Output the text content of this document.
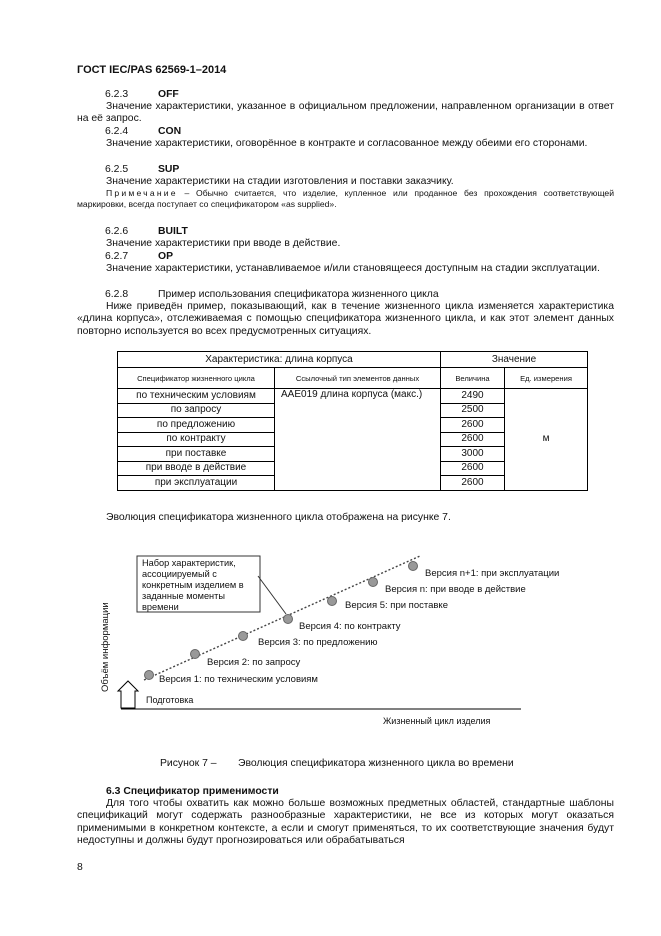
ГОСТ IEC/PAS 62569-1–2014
6.2.3	OFF
Значение характеристики, указанное в официальном предложении, направленном организации в ответ на её запрос.
6.2.4	CON
Значение характеристики, оговорённое в контракте и согласованное между обеими его сторонами.
6.2.5	SUP
Значение характеристики на стадии изготовления и поставки заказчику.
Примечание – Обычно считается, что изделие, купленное или проданное без прохождения соответствующей маркировки, всегда поступает со спецификатором «as supplied».
6.2.6	BUILT
Значение характеристики при вводе в действие.
6.2.7	OP
Значение характеристики, устанавливаемое и/или становящееся доступным на стадии эксплуатации.
6.2.8	Пример использования спецификатора жизненного цикла
Ниже приведён пример, показывающий, как в течение жизненного цикла изменяется характеристика «длина корпуса», отслеживаемая с помощью спецификатора жизненного цикла, и как этот элемент данных повторно используется во всех предусмотренных ситуациях.
Характеристика: длина корпуса		Значение	
Спецификатор жизненного цикла	Ссылочный тип элементов данных	Величина	Ед. измерения
по техническим условиям	AAE019 длина корпуса (макс.)	2490	м
по запросу		2500	
по предложению		2600	
по контракту		2600	
при поставке		3000	
при вводе в действие		2600	
при эксплуатации		2600	
Эволюция спецификатора жизненного цикла отображена на рисунке 7.
Объём информации
Подготовка
Жизненный цикл изделия
Версия 1: по техническим условиям
Версия 2: по запросу
Версия 3: по предложению
Версия 4: по контракту
Версия 5: при поставке
Версия n: при вводе в действие
Версия n+1: при эксплуатации
Набор характеристик,
ассоциируемый с
конкретным изделием в
заданные моменты
времени
Рисунок 7 – Эволюция спецификатора жизненного цикла во времени
6.3 Спецификатор применимости
Для того чтобы охватить как можно больше возможных предметных областей, стандартные шаблоны спецификаций могут содержать разнообразные характеристики, не все из которых могут оказаться применимыми в конкретном контексте, а если и смогут применяться, то их соответствующие значения будут недоступны и должны будут прогнозироваться или обрабатываться
8
